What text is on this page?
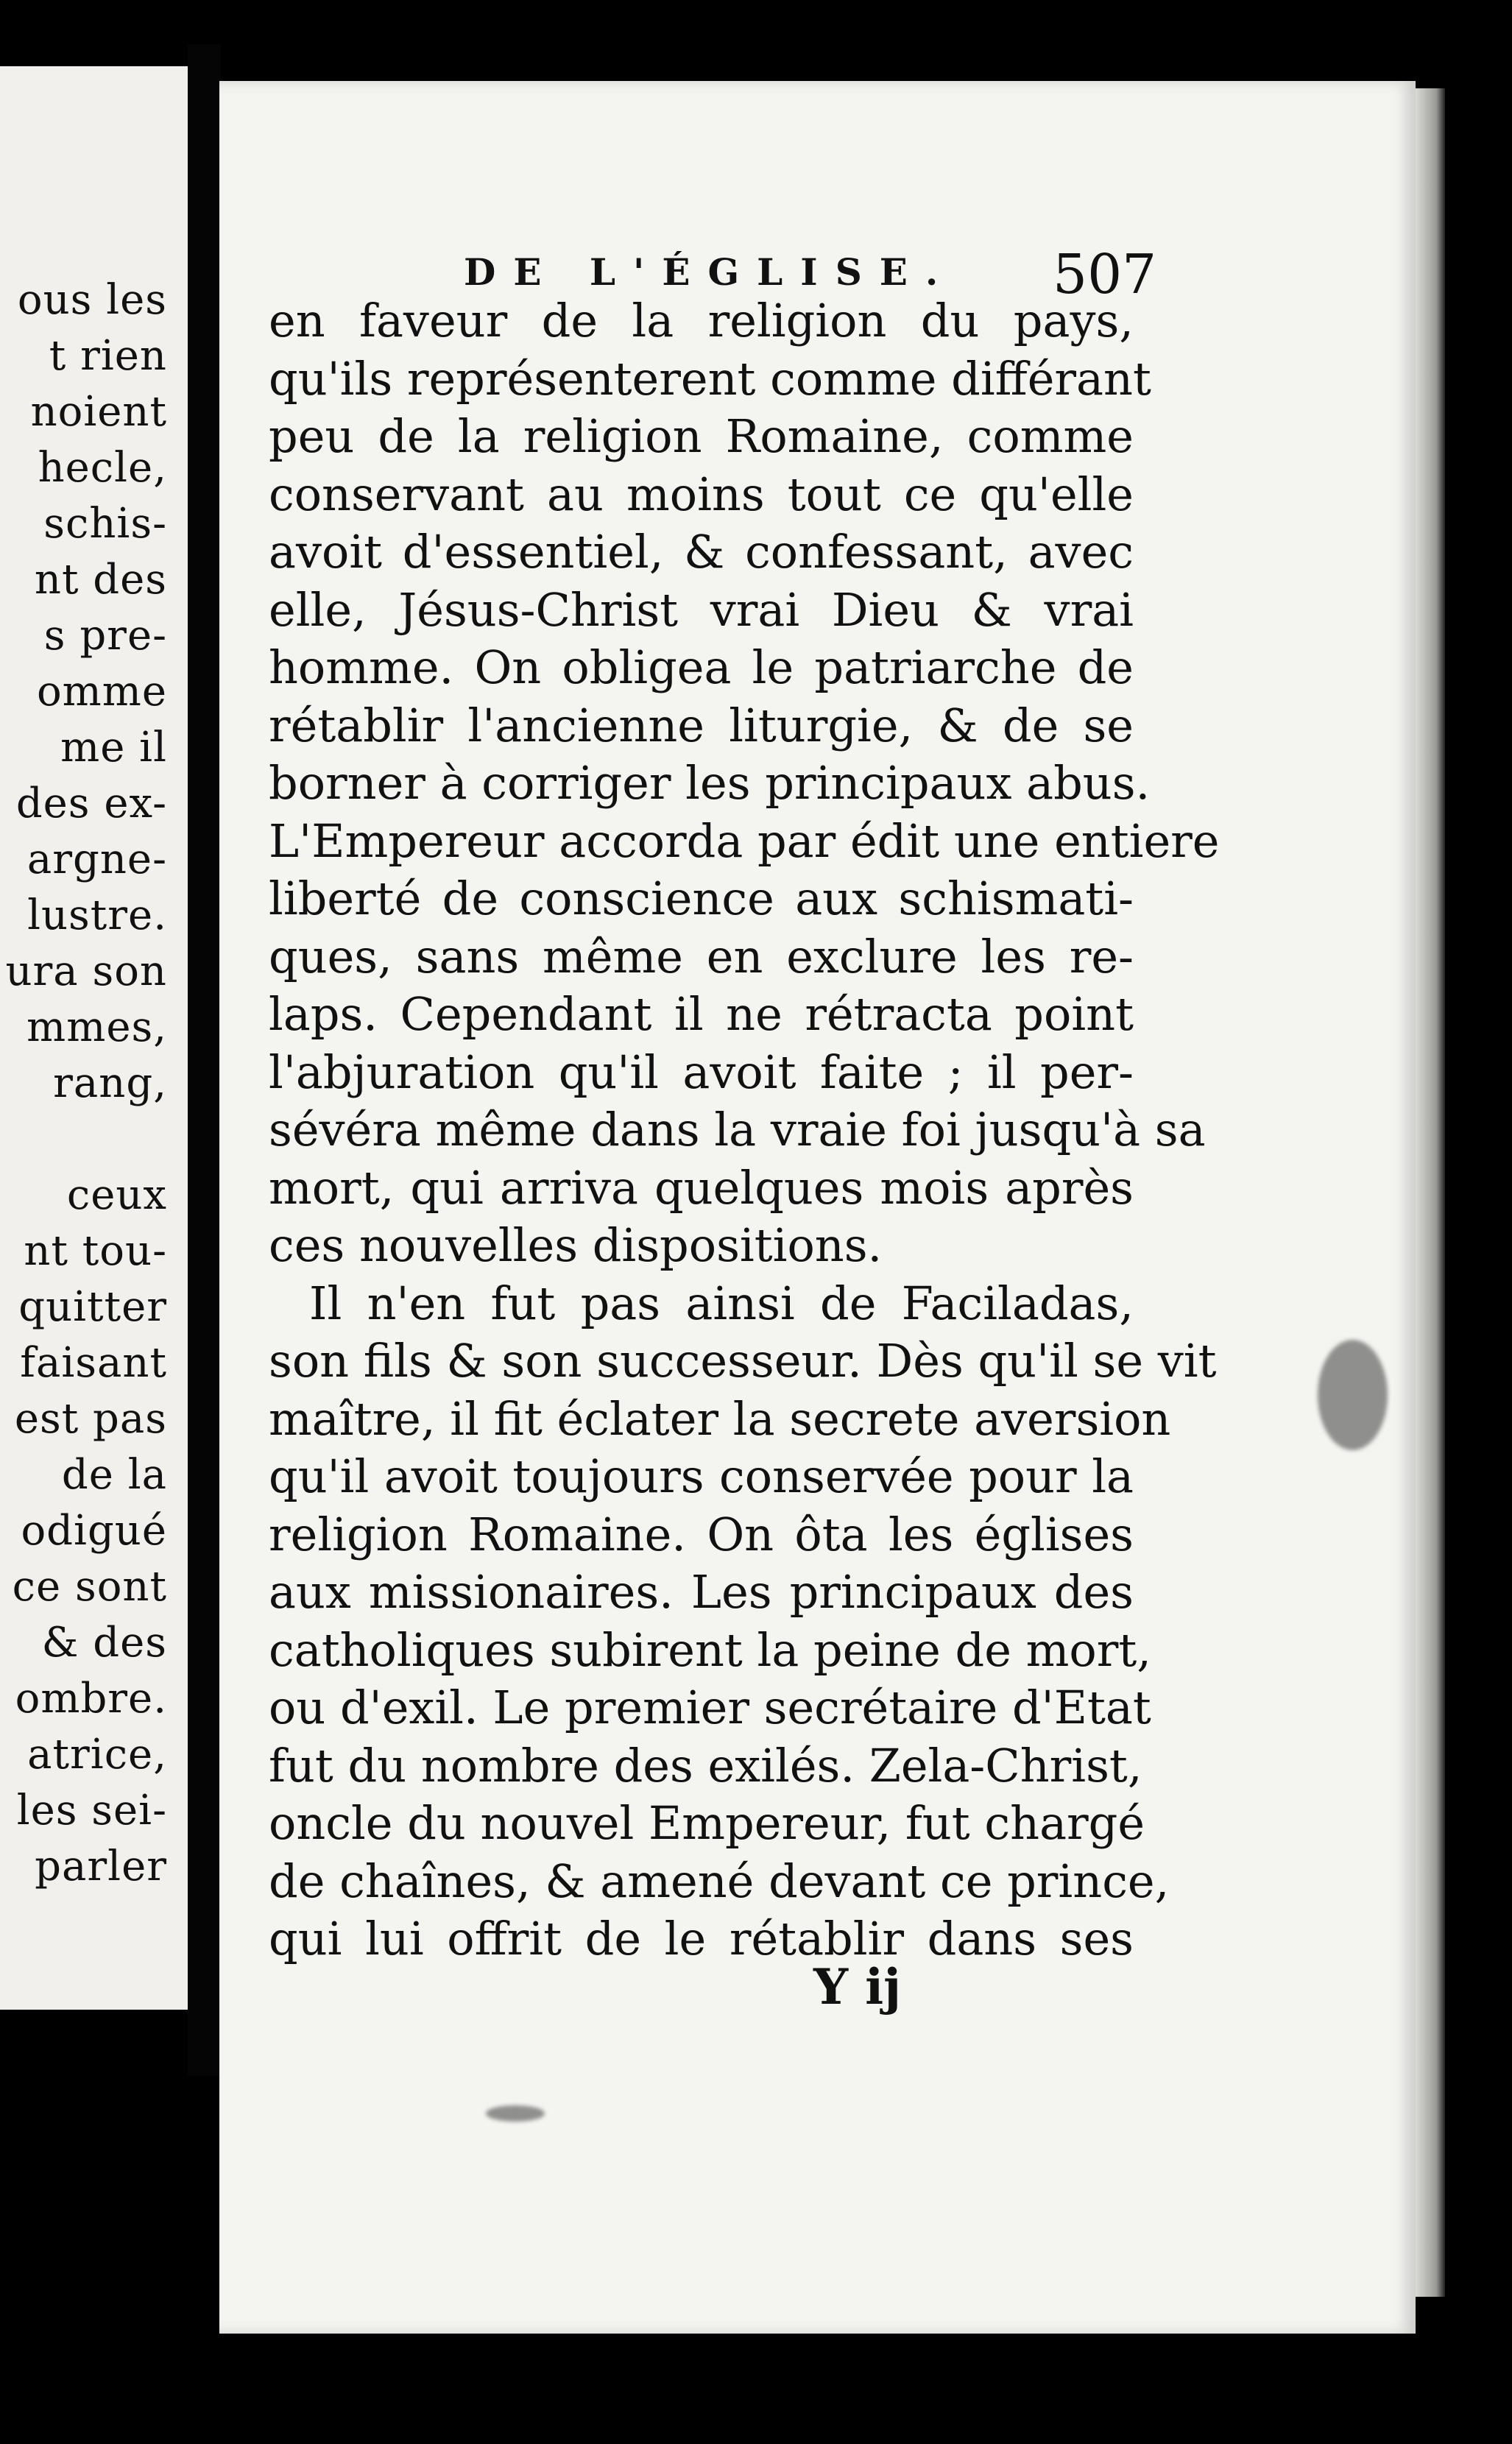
ous les
t rien
noient
hecle,
schis-
nt des
s pre-
omme
me il
des ex-
argne-
lustre.
ura son
mmes,
rang,
ceux
nt tou-
quitter
faisant
est pas
de la
odigué
ce sont
& des
ombre.
atrice,
les sei-
parler
DE L'ÉGLISE. 507
en faveur de la religion du pays,
qu'ils représenterent comme différant
peu de la religion Romaine, comme
conservant au moins tout ce qu'elle
avoit d'essentiel, & confessant, avec
elle, Jésus-Christ vrai Dieu & vrai
homme. On obligea le patriarche de
rétablir l'ancienne liturgie, & de se
borner à corriger les principaux abus.
L'Empereur accorda par édit une entiere
liberté de conscience aux schismati-
ques, sans même en exclure les re-
laps. Cependant il ne rétracta point
l'abjuration qu'il avoit faite ; il per-
sévéra même dans la vraie foi jusqu'à sa
mort, qui arriva quelques mois après
ces nouvelles dispositions.
Il n'en fut pas ainsi de Faciladas,
son fils & son successeur. Dès qu'il se vit
maître, il fit éclater la secrete aversion
qu'il avoit toujours conservée pour la
religion Romaine. On ôta les églises
aux missionaires. Les principaux des
catholiques subirent la peine de mort,
ou d'exil. Le premier secrétaire d'Etat
fut du nombre des exilés. Zela-Christ,
oncle du nouvel Empereur, fut chargé
de chaînes, & amené devant ce prince,
qui lui offrit de le rétablir dans ses
Y ij
